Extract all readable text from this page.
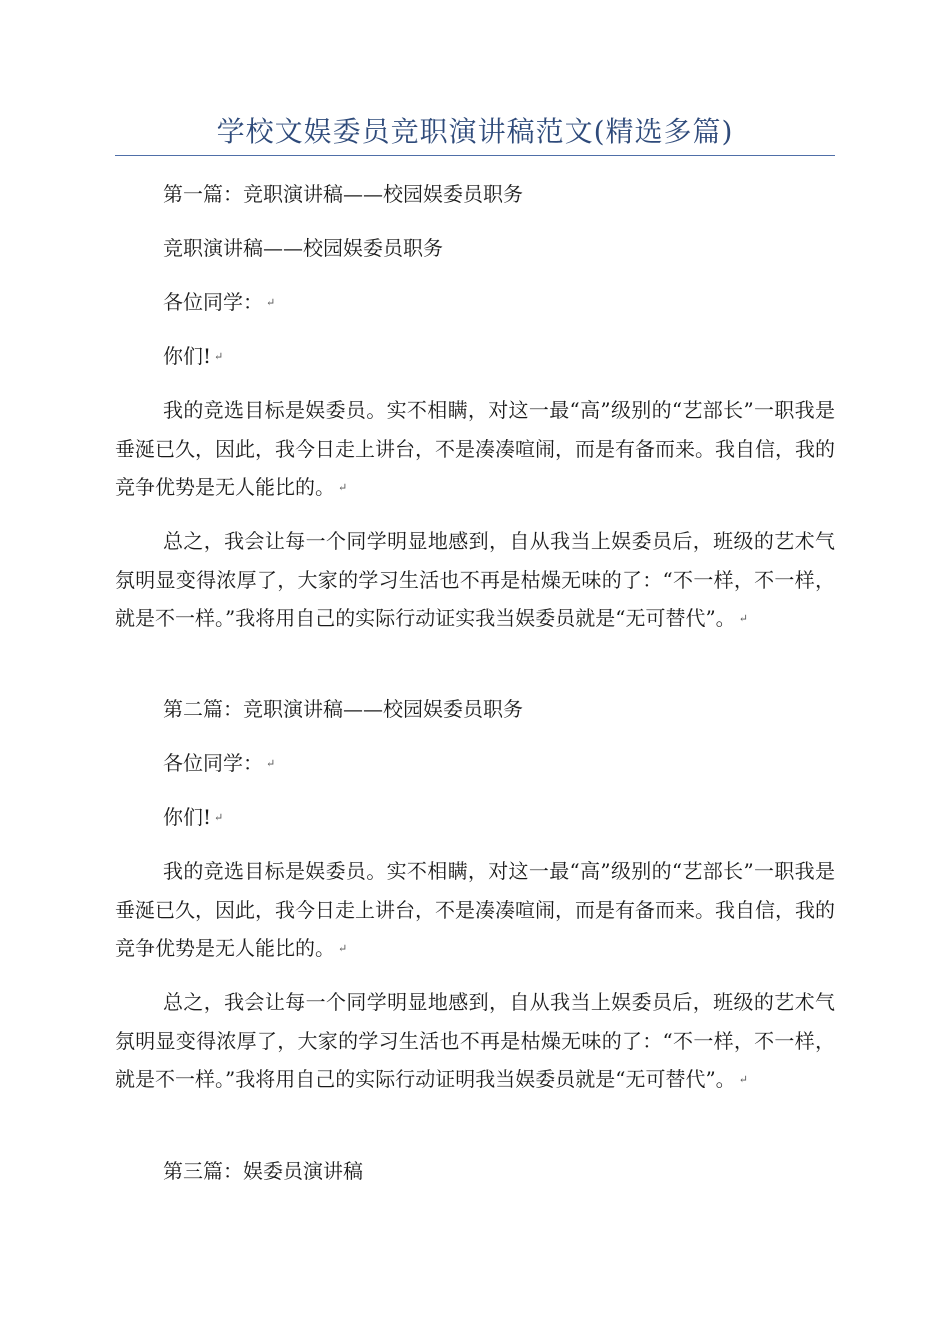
学校文娱委员竞职演讲稿范文(精选多篇)

第一篇：竞职演讲稿——校园娱委员职务

竞职演讲稿——校园娱委员职务

各位同学： ↵

你们! ↵

我的竞选目标是娱委员。实不相瞒，对这一最“高”级别的“艺部长”一职我是垂涎已久，因此，我今日走上讲台，不是凑凑喧闹，而是有备而来。我自信，我的竞争优势是无人能比的。 ↵

总之，我会让每一个同学明显地感到，自从我当上娱委员后，班级的艺术气氛明显变得浓厚了，大家的学习生活也不再是枯燥无味的了：“不一样，不一样，就是不一样。”我将用自己的实际行动证实我当娱委员就是“无可替代”。 ↵

第二篇：竞职演讲稿——校园娱委员职务

各位同学： ↵

你们! ↵

我的竞选目标是娱委员。实不相瞒，对这一最“高”级别的“艺部长”一职我是垂涎已久，因此，我今日走上讲台，不是凑凑喧闹，而是有备而来。我自信，我的竞争优势是无人能比的。 ↵

总之，我会让每一个同学明显地感到，自从我当上娱委员后，班级的艺术气氛明显变得浓厚了，大家的学习生活也不再是枯燥无味的了：“不一样，不一样，就是不一样。”我将用自己的实际行动证明我当娱委员就是“无可替代”。 ↵

第三篇：娱委员演讲稿
